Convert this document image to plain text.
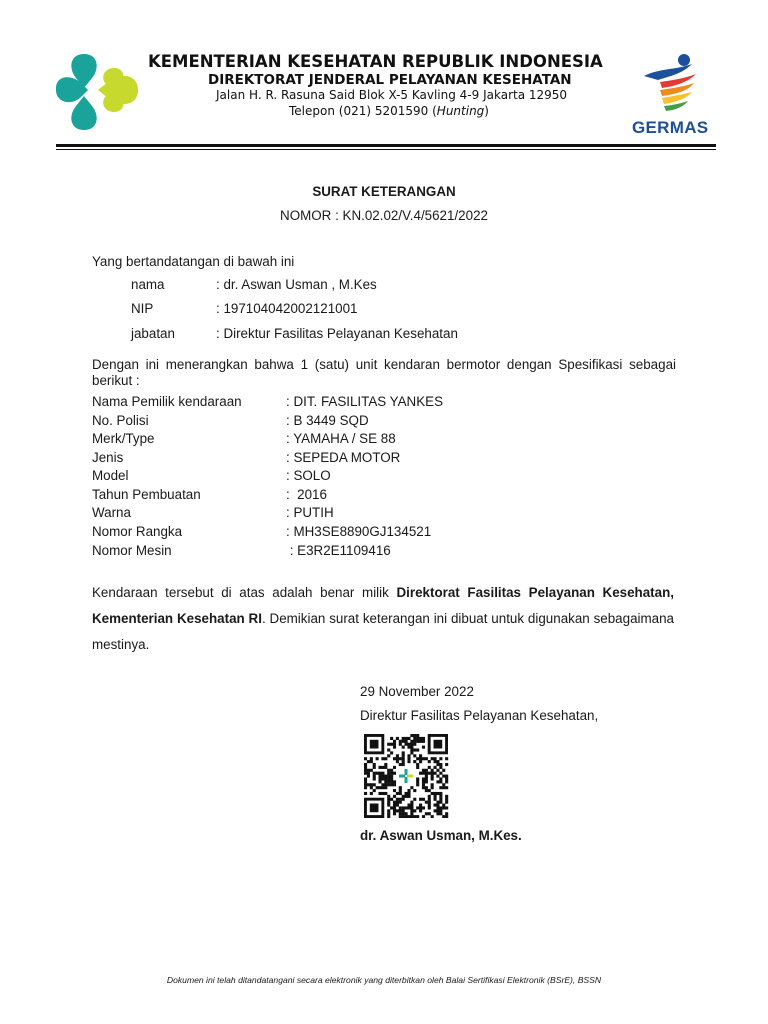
KEMENTERIAN KESEHATAN REPUBLIK INDONESIA
DIREKTORAT JENDERAL PELAYANAN KESEHATAN
Jalan H. R. Rasuna Said Blok X-5 Kavling 4-9 Jakarta 12950
Telepon (021) 5201590 (Hunting)
GERMAS
SURAT KETERANGAN
NOMOR : KN.02.02/V.4/5621/2022
Yang bertandatangan di bawah ini
nama	: dr. Aswan Usman , M.Kes
NIP	: 197104042002121001
jabatan	: Direktur Fasilitas Pelayanan Kesehatan
Dengan ini menerangkan bahwa 1 (satu) unit kendaran bermotor dengan Spesifikasi sebagai berikut :
Nama Pemilik kendaraan	: DIT. FASILITAS YANKES
No. Polisi	: B 3449 SQD
Merk/Type	: YAMAHA / SE 88
Jenis	: SEPEDA MOTOR
Model	: SOLO
Tahun Pembuatan	:  2016
Warna	: PUTIH
Nomor Rangka	: MH3SE8890GJ134521
Nomor Mesin	: E3R2E1109416
Kendaraan tersebut di atas adalah benar milik Direktorat Fasilitas Pelayanan Kesehatan, Kementerian Kesehatan RI. Demikian surat keterangan ini dibuat untuk digunakan sebagaimana mestinya.
29 November 2022
Direktur Fasilitas Pelayanan Kesehatan,
dr. Aswan Usman, M.Kes.
Dokumen ini telah ditandatangani secara elektronik yang diterbitkan oleh Balai Sertifikasi Elektronik (BSrE), BSSN
